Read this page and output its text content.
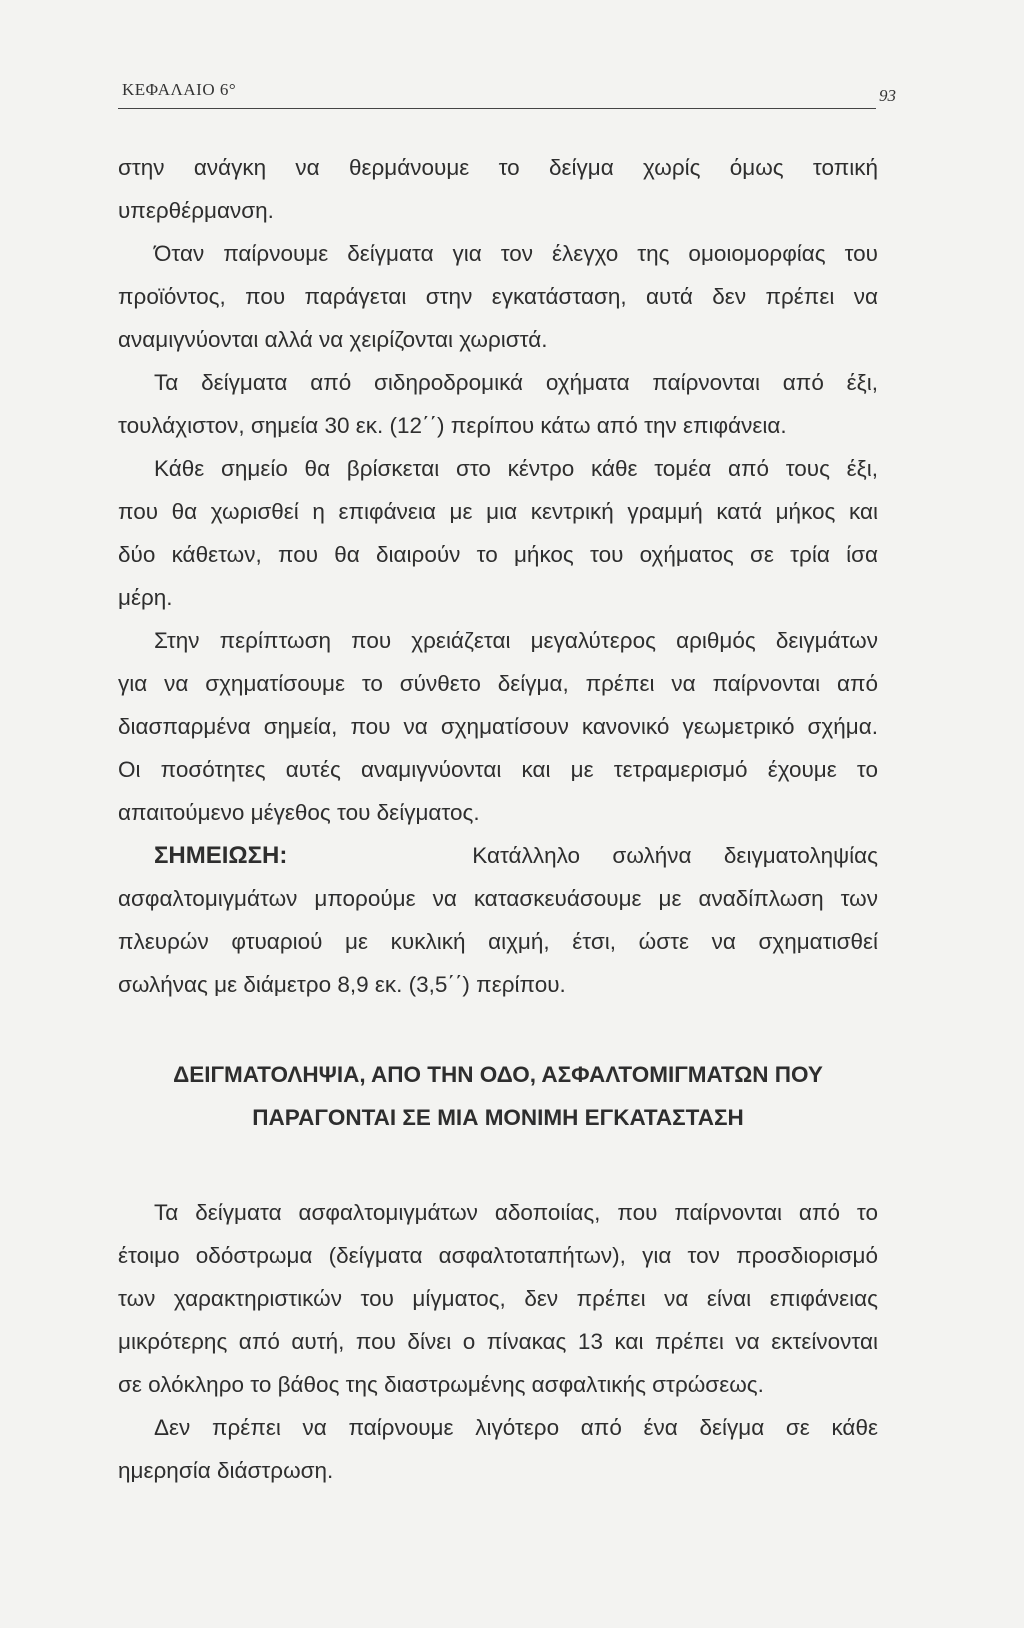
ΚΕΦΑΛΑΙΟ 6°	93
στην ανάγκη να θερμάνουμε το δείγμα χωρίς όμως τοπική
υπερθέρμανση.
Όταν παίρνουμε δείγματα για τον έλεγχο της ομοιομορφίας του
προϊόντος, που παράγεται στην εγκατάσταση, αυτά δεν πρέπει να
αναμιγνύονται αλλά να χειρίζονται χωριστά.
Τα δείγματα από σιδηροδρομικά οχήματα παίρνονται από έξι,
τουλάχιστον, σημεία 30 εκ. (12΄΄) περίπου κάτω από την επιφάνεια.
Κάθε σημείο θα βρίσκεται στο κέντρο κάθε τομέα από τους έξι,
που θα χωρισθεί η επιφάνεια με μια κεντρική γραμμή κατά μήκος και
δύο κάθετων, που θα διαιρούν το μήκος του οχήματος σε τρία ίσα
μέρη.
Στην περίπτωση που χρειάζεται μεγαλύτερος αριθμός δειγμάτων
για να σχηματίσουμε το σύνθετο δείγμα, πρέπει να παίρνονται από
διασπαρμένα σημεία, που να σχηματίσουν κανονικό γεωμετρικό σχήμα.
Οι ποσότητες αυτές αναμιγνύονται και με τετραμερισμό έχουμε το
απαιτούμενο μέγεθος του δείγματος.
ΣΗΜΕΙΩΣΗ:	Κατάλληλο σωλήνα δειγματοληψίας
ασφαλτομιγμάτων μπορούμε να κατασκευάσουμε με αναδίπλωση των
πλευρών φτυαριού με κυκλική αιχμή, έτσι, ώστε να σχηματισθεί
σωλήνας με διάμετρο 8,9 εκ. (3,5΄΄) περίπου.
ΔΕΙΓΜΑΤΟΛΗΨΙΑ, ΑΠΟ ΤΗΝ ΟΔΟ, ΑΣΦΑΛΤΟΜΙΓΜΑΤΩΝ ΠΟΥ
ΠΑΡΑΓΟΝΤΑΙ ΣΕ ΜΙΑ ΜΟΝΙΜΗ ΕΓΚΑΤΑΣΤΑΣΗ
Τα δείγματα ασφαλτομιγμάτων αδοποιίας, που παίρνονται από το
έτοιμο οδόστρωμα (δείγματα ασφαλτοταπήτων), για τον προσδιορισμό
των χαρακτηριστικών του μίγματος, δεν πρέπει να είναι επιφάνειας
μικρότερης από αυτή, που δίνει ο πίνακας 13 και πρέπει να εκτείνονται
σε ολόκληρο το βάθος της διαστρωμένης ασφαλτικής στρώσεως.
Δεν πρέπει να παίρνουμε λιγότερο από ένα δείγμα σε κάθε
ημερησία διάστρωση.
